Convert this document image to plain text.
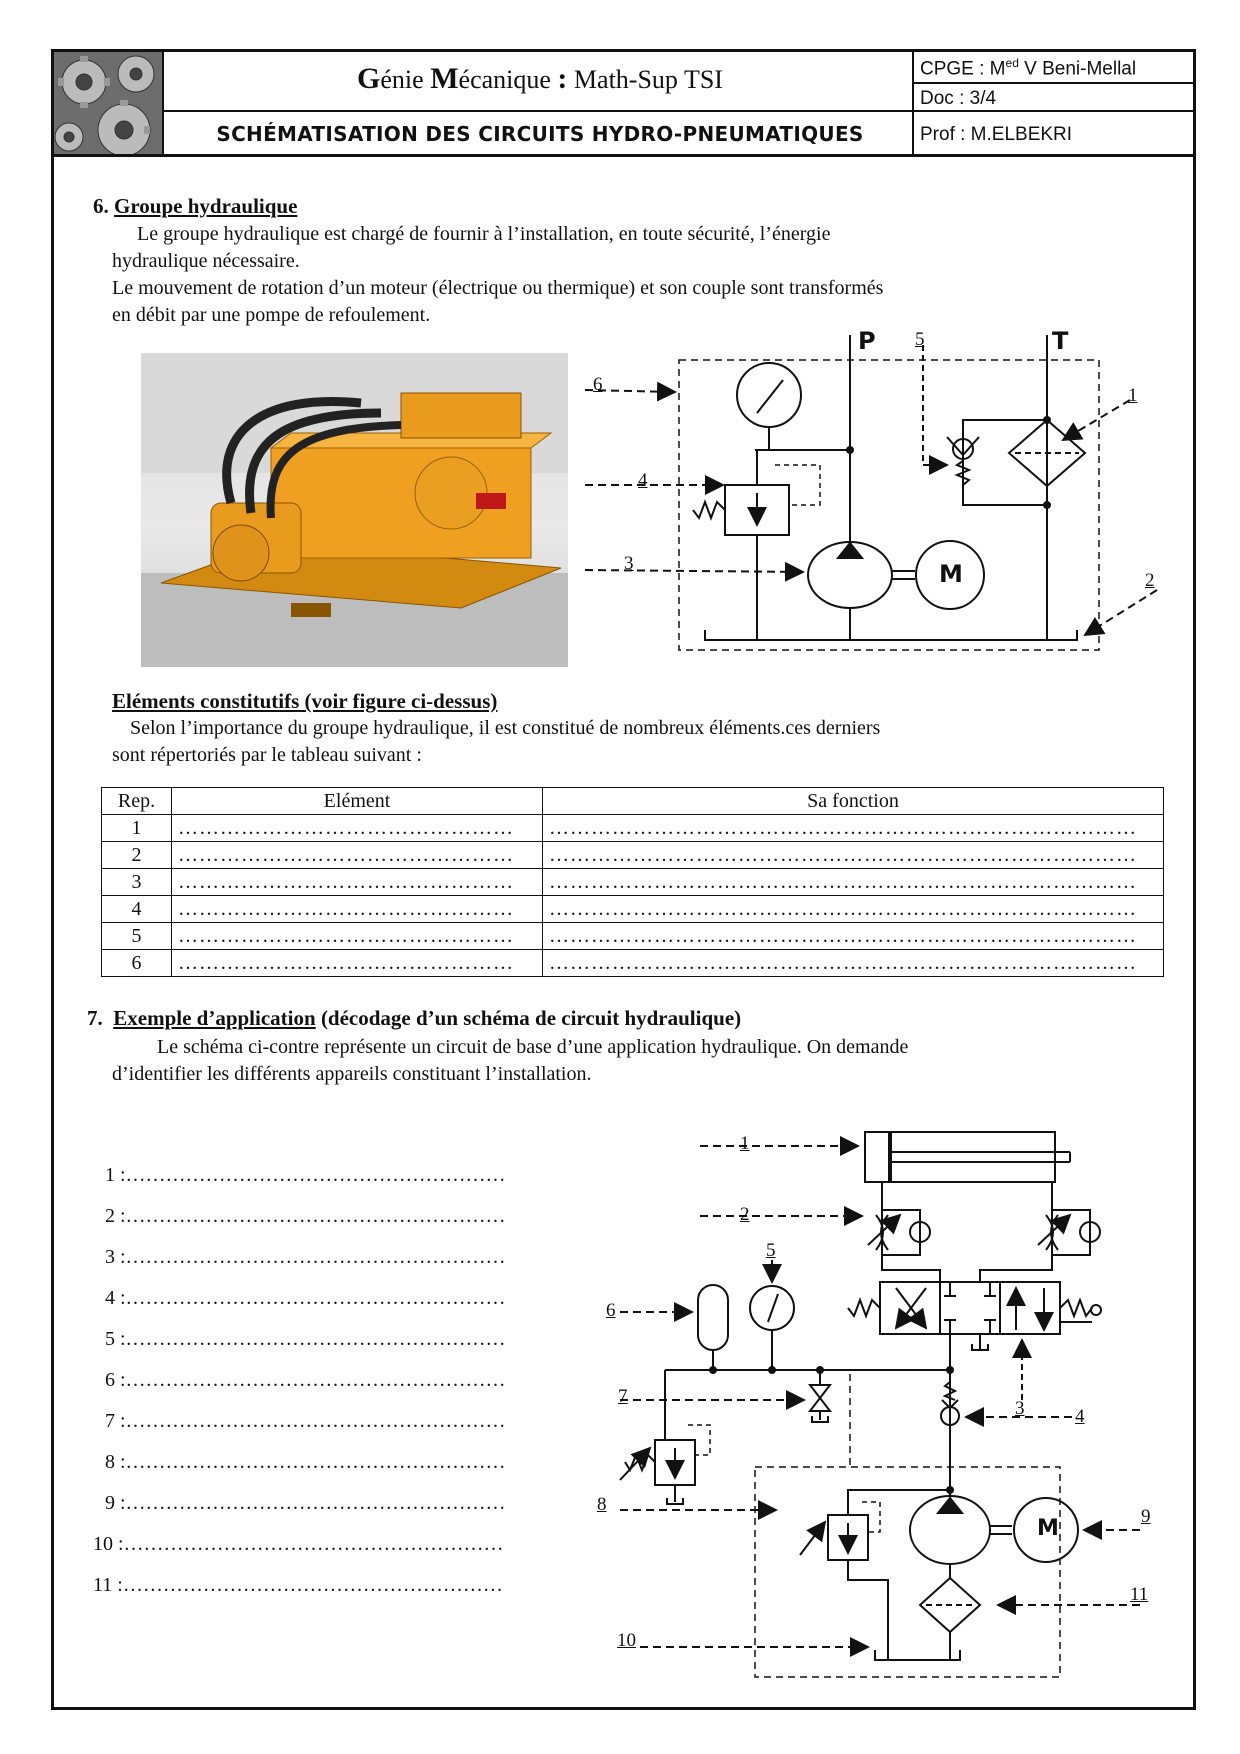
Génie Mécanique : Math-Sup TSI
SCHÉMATISATION DES CIRCUITS HYDRO-PNEUMATIQUES
CPGE : $M^{ed}$ V Beni-Mellal
Doc : 3/4
Prof : M.ELBEKRI
6. Groupe hydraulique
Le groupe hydraulique est chargé de fournir à l’installation, en toute sécurité, l’énergie
hydraulique nécessaire.
Le mouvement de rotation d’un moteur (électrique ou thermique) et son couple sont transformés
en débit par une pompe de refoulement.
6
4
3
5
1
2
P	T
M
Eléments constitutifs (voir figure ci-dessus)
Selon l’importance du groupe hydraulique, il est constitué de nombreux éléments.ces derniers
sont répertoriés par le tableau suivant :
Rep.	Elément	Sa fonction
1	…………………………………………	…………………………………………………………………………
2	…………………………………………	…………………………………………………………………………
3	…………………………………………	…………………………………………………………………………
4	…………………………………………	…………………………………………………………………………
5	…………………………………………	…………………………………………………………………………
6	…………………………………………	…………………………………………………………………………
7. Exemple d’application (décodage d’un schéma de circuit hydraulique)
Le schéma ci-contre représente un circuit de base d’une application hydraulique. On demande
d’identifier les différents appareils constituant l’installation.
1 :…………………………………………………
2 :…………………………………………………
3 :…………………………………………………
4 :…………………………………………………
5 :…………………………………………………
6 :…………………………………………………
7 :…………………………………………………
8 :…………………………………………………
9 :…………………………………………………
10 :…………………………………………………
11 :…………………………………………………
1
2
3	4
5
6
7
8
9
10
11
M
